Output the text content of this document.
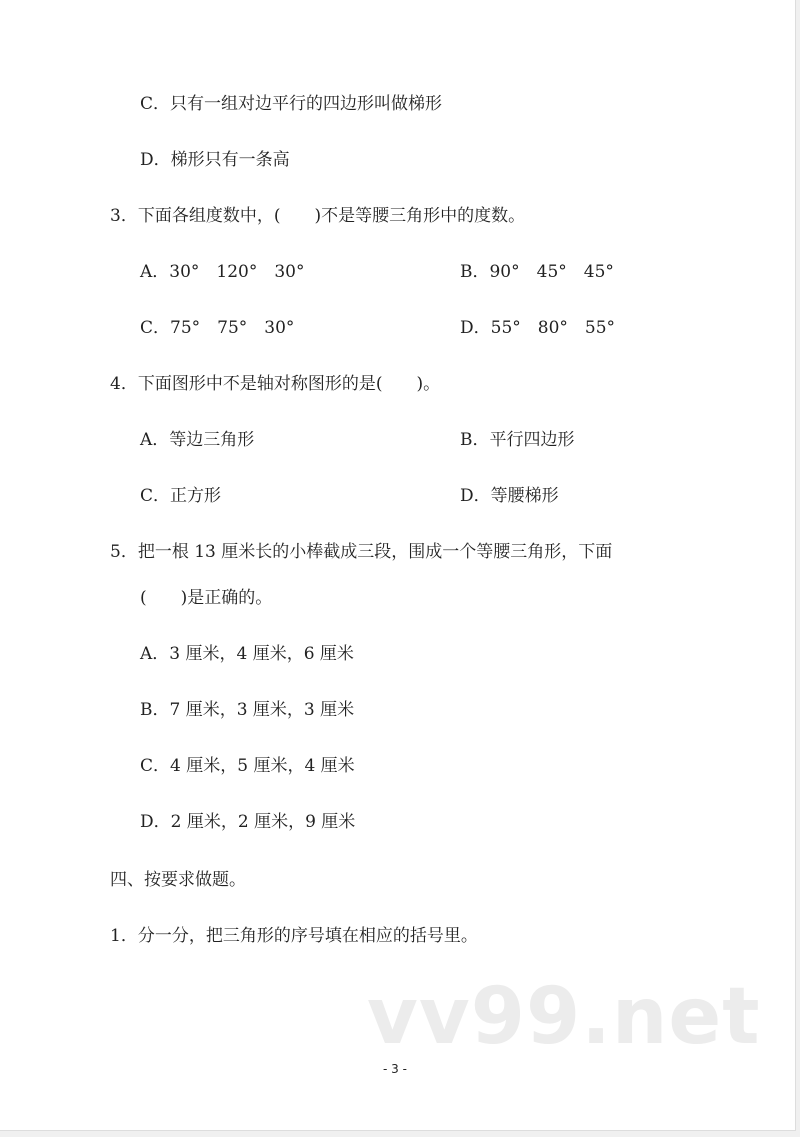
C．只有一组对边平行的四边形叫做梯形
D．梯形只有一条高
3．下面各组度数中，(　　)不是等腰三角形中的度数。
A．30°　120°　30°	B．90°　45°　45°
C．75°　75°　30°	D．55°　80°　55°
4．下面图形中不是轴对称图形的是(　　)。
A．等边三角形	B．平行四边形
C．正方形	D．等腰梯形
5．把一根 13 厘米长的小棒截成三段，围成一个等腰三角形，下面
(　　)是正确的。
A．3 厘米，4 厘米，6 厘米
B．7 厘米，3 厘米，3 厘米
C．4 厘米，5 厘米，4 厘米
D．2 厘米，2 厘米，9 厘米
四、按要求做题。
1．分一分，把三角形的序号填在相应的括号里。
vv99.net
- 3 -
